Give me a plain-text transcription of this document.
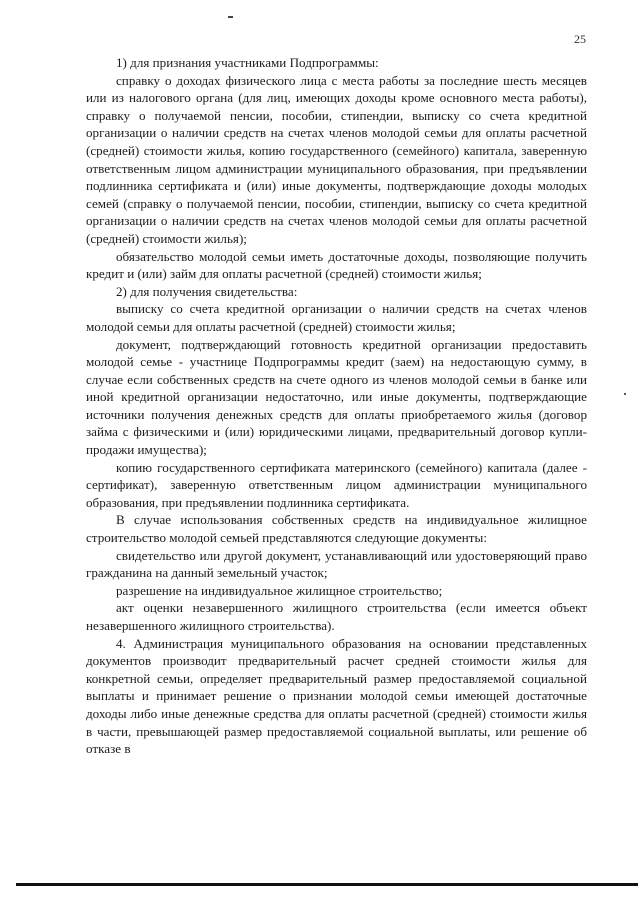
25

1) для признания участниками Подпрограммы:

справку о доходах физического лица с места работы за последние шесть месяцев или из налогового органа (для лиц, имеющих доходы кроме основного места работы), справку о получаемой пенсии, пособии, стипендии, выписку со счета кредитной организации о наличии средств на счетах членов молодой семьи для оплаты расчетной (средней) стоимости жилья, копию государственного (семейного) капитала, заверенную ответственным лицом администрации муниципального образования, при предъявлении подлинника сертификата и (или) иные документы, подтверждающие доходы молодых семей (справку о получаемой пенсии, пособии, стипендии, выписку со счета кредитной организации о наличии средств на счетах членов молодой семьи для оплаты расчетной (средней) стоимости жилья);

обязательство молодой семьи иметь достаточные доходы, позволяющие получить кредит и (или) займ для оплаты расчетной (средней) стоимости жилья;

2) для получения свидетельства:

выписку со счета кредитной организации о наличии средств на счетах членов молодой семьи для оплаты расчетной (средней) стоимости жилья;

документ, подтверждающий готовность кредитной организации предоставить молодой семье - участнице Подпрограммы кредит (заем) на недостающую сумму, в случае если собственных средств на счете одного из членов молодой семьи в банке или иной кредитной организации недостаточно, или иные документы, подтверждающие источники получения денежных средств для оплаты приобретаемого жилья (договор займа с физическими и (или) юридическими лицами, предварительный договор купли-продажи имущества);

копию государственного сертификата материнского (семейного) капитала (далее - сертификат), заверенную ответственным лицом администрации муниципального образования, при предъявлении подлинника сертификата.

В случае использования собственных средств на индивидуальное жилищное строительство молодой семьей представляются следующие документы:

свидетельство или другой документ, устанавливающий или удостоверяющий право гражданина на данный земельный участок;

разрешение на индивидуальное жилищное строительство;

акт оценки незавершенного жилищного строительства (если имеется объект незавершенного жилищного строительства).

4. Администрация муниципального образования на основании представленных документов производит предварительный расчет средней стоимости жилья для конкретной семьи, определяет предварительный размер предоставляемой социальной выплаты и принимает решение о признании молодой семьи имеющей достаточные доходы либо иные денежные средства для оплаты расчетной (средней) стоимости жилья в части, превышающей размер предоставляемой социальной выплаты, или решение об отказе в
